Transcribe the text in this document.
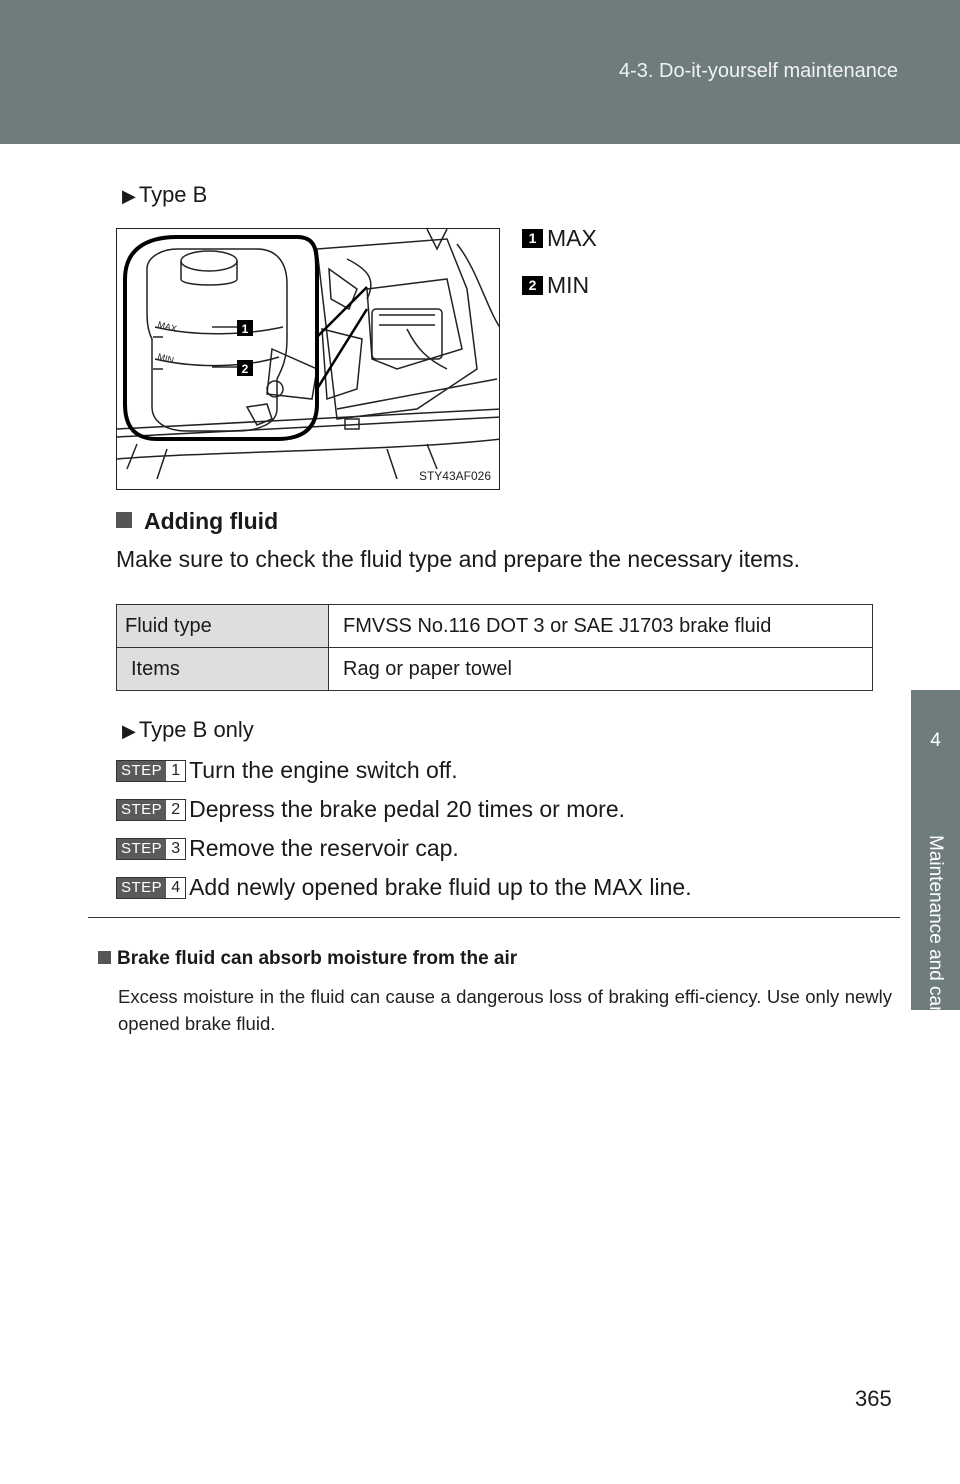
4-3. Do-it-yourself maintenance
4
Maintenance and care
▶ Type B
MAX
MIN
1
2
STY43AF026
1 MAX
2 MIN
Adding fluid
Make sure to check the fluid type and prepare the necessary items.
Fluid type	FMVSS No.116 DOT 3 or SAE J1703 brake fluid
Items	Rag or paper towel
▶ Type B only
STEP 1 Turn the engine switch off.
STEP 2 Depress the brake pedal 20 times or more.
STEP 3 Remove the reservoir cap.
STEP 4 Add newly opened brake fluid up to the MAX line.
Brake fluid can absorb moisture from the air
Excess moisture in the fluid can cause a dangerous loss of braking effi-ciency. Use only newly opened brake fluid.
365
